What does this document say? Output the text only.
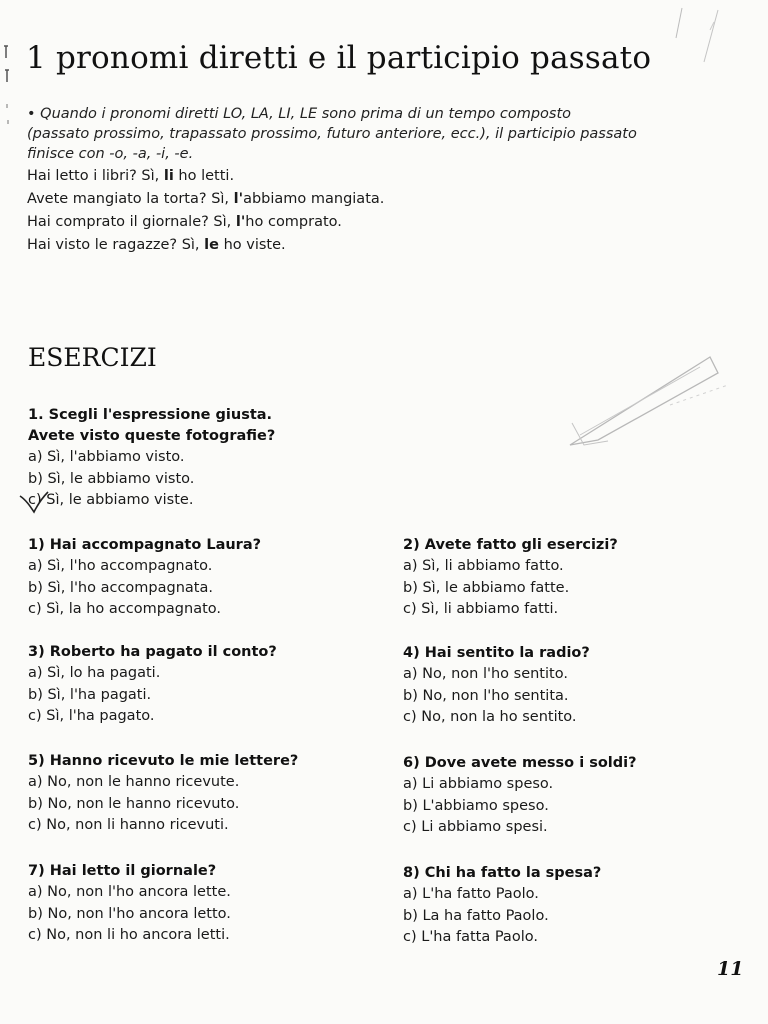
1 pronomi diretti e il participio passato

• Quando i pronomi diretti LO, LA, LI, LE sono prima di un tempo composto

(passato prossimo, trapassato prossimo, futuro anteriore, ecc.), il participio passato

finisce con -o, -a, -i, -e.

Hai letto i libri? Sì, li ho letti.

Avete mangiato la torta? Sì, l'abbiamo mangiata.

Hai comprato il giornale? Sì, l'ho comprato.

Hai visto le ragazze? Sì, le ho viste.

ESERCIZI

1. Scegli l'espressione giusta.

Avete visto queste fotografie?

a) Sì, l'abbiamo visto.

b) Sì, le abbiamo visto.

c) Sì, le abbiamo viste.

1) Hai accompagnato Laura?

a) Sì, l'ho accompagnato.

b) Sì, l'ho accompagnata.

c) Sì, la ho accompagnato.

2) Avete fatto gli esercizi?

a) Sì, li abbiamo fatto.

b) Sì, le abbiamo fatte.

c) Sì, li abbiamo fatti.

3) Roberto ha pagato il conto?

a) Sì, lo ha pagati.

b) Sì, l'ha pagati.

c) Sì, l'ha pagato.

4) Hai sentito la radio?

a) No, non l'ho sentito.

b) No, non l'ho sentita.

c) No, non la ho sentito.

5) Hanno ricevuto le mie lettere?

a) No, non le hanno ricevute.

b) No, non le hanno ricevuto.

c) No, non li hanno ricevuti.

6) Dove avete messo i soldi?

a) Li abbiamo speso.

b) L'abbiamo speso.

c) Li abbiamo spesi.

7) Hai letto il giornale?

a) No, non l'ho ancora lette.

b) No, non l'ho ancora letto.

c) No, non li ho ancora letti.

8) Chi ha fatto la spesa?

a) L'ha fatto Paolo.

b) La ha fatto Paolo.

c) L'ha fatta Paolo.

11
